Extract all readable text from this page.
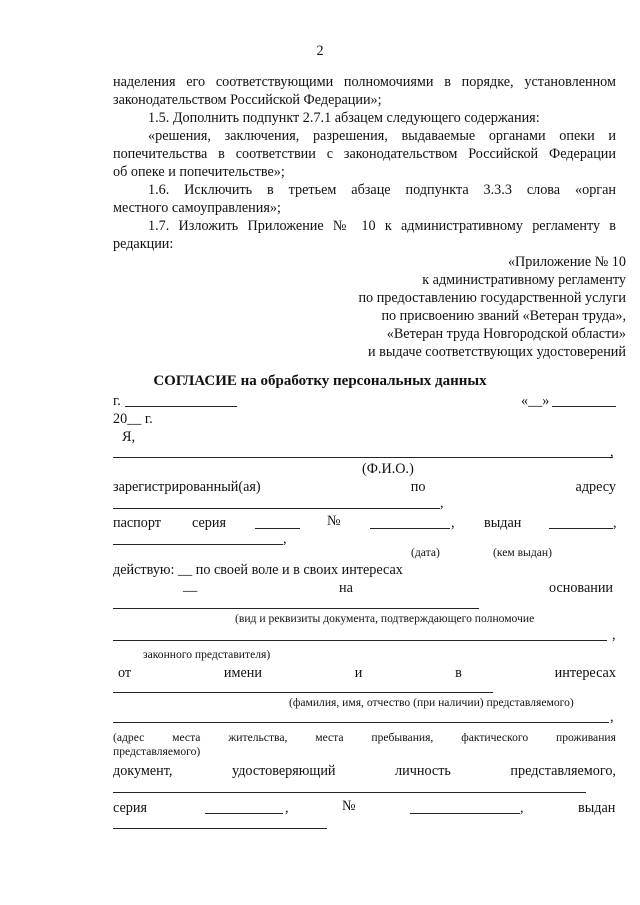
2
наделения его соответствующими полномочиями в порядке, установленном
законодательством Российской Федерации»;
1.5. Дополнить подпункт 2.7.1 абзацем следующего содержания:
«решения, заключения, разрешения, выдаваемые органами опеки и
попечительства в соответствии с законодательством Российской Федерации
об опеке и попечительстве»;
1.6. Исключить в третьем абзаце подпункта 3.3.3 слова «орган
местного самоуправления»;
1.7. Изложить Приложение № 10 к административному регламенту в
редакции:
«Приложение № 10
к административному регламенту
по предоставлению государственной услуги
по присвоению званий «Ветеран труда»,
«Ветеран труда Новгородской области»
и выдаче соответствующих удостоверений
СОГЛАСИЕ на обработку персональных данных
г.	«__»
20__ г.
Я,
,
(Ф.И.О.)
зарегистрированный(ая)	по	адресу
,
паспорт серия	№	, выдан	,
,
(дата)	(кем выдан)
действую: __ по своей воле и в своих интересах
__	на	основании
(вид и реквизиты документа, подтверждающего полномочие
,
законного представителя)
от	имени	и	в	интересах
(фамилия, имя, отчество (при наличии) представляемого)
,
(адрес места жительства, места пребывания, фактического проживания
представляемого)
документ,	удостоверяющий	личность	представляемого,
серия	,	№	,	выдан
